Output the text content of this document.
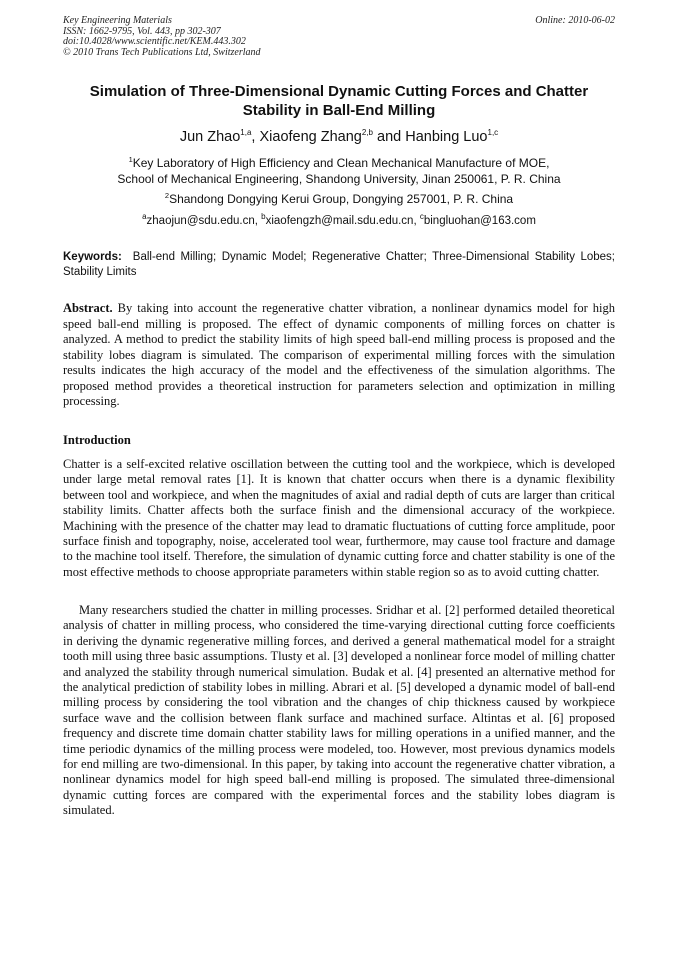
Key Engineering Materials
ISSN: 1662-9795, Vol. 443, pp 302-307
doi:10.4028/www.scientific.net/KEM.443.302
© 2010 Trans Tech Publications Ltd, Switzerland
Online: 2010-06-02
Simulation of Three-Dimensional Dynamic Cutting Forces and Chatter Stability in Ball-End Milling
Jun Zhao$^{1,a}$, Xiaofeng Zhang$^{2,b}$ and Hanbing Luo$^{1,c}$
$^1$Key Laboratory of High Efficiency and Clean Mechanical Manufacture of MOE,
School of Mechanical Engineering, Shandong University, Jinan 250061, P. R. China
$^2$Shandong Dongying Kerui Group, Dongying 257001, P. R. China
$^a$zhaojun@sdu.edu.cn, $^b$xiaofengzh@mail.sdu.edu.cn, $^c$bingluohan@163.com
Keywords: Ball-end Milling; Dynamic Model; Regenerative Chatter; Three-Dimensional Stability Lobes; Stability Limits

Abstract. By taking into account the regenerative chatter vibration, a nonlinear dynamics model for high speed ball-end milling is proposed. The effect of dynamic components of milling forces on chatter is analyzed. A method to predict the stability limits of high speed ball-end milling process is proposed and the stability lobes diagram is simulated. The comparison of experimental milling forces with the simulation results indicates the high accuracy of the model and the effectiveness of the simulation algorithms. The proposed method provides a theoretical instruction for parameters selection and optimization in milling processing.

Introduction

Chatter is a self-excited relative oscillation between the cutting tool and the workpiece, which is developed under large metal removal rates [1]. It is known that chatter occurs when there is a dynamic flexibility between tool and workpiece, and when the magnitudes of axial and radial depth of cuts are larger than critical stability limits. Chatter affects both the surface finish and the dimensional accuracy of the workpiece. Machining with the presence of the chatter may lead to dramatic fluctuations of cutting force amplitude, poor surface finish and topography, noise, accelerated tool wear, furthermore, may cause tool fracture and damage to the machine tool itself. Therefore, the simulation of dynamic cutting force and chatter stability is one of the most effective methods to choose appropriate parameters within stable region so as to avoid cutting chatter.

Many researchers studied the chatter in milling processes. Sridhar et al. [2] performed detailed theoretical analysis of chatter in milling process, who considered the time-varying directional cutting force coefficients in deriving the dynamic regenerative milling forces, and derived a general mathematical model for a straight tooth mill using three basic assumptions. Tlusty et al. [3] developed a nonlinear force model of milling chatter and analyzed the stability through numerical simulation. Budak et al. [4] presented an alternative method for the analytical prediction of stability lobes in milling. Abrari et al. [5] developed a dynamic model of ball-end milling process by considering the tool vibration and the changes of chip thickness caused by workpiece surface wave and the collision between flank surface and machined surface. Altintas et al. [6] proposed frequency and discrete time domain chatter stability laws for milling operations in a unified manner, and the time periodic dynamics of the milling process were modeled, too. However, most previous dynamics models for end milling are two-dimensional. In this paper, by taking into account the regenerative chatter vibration, a nonlinear dynamics model for high speed ball-end milling is proposed. The simulated three-dimensional dynamic cutting forces are compared with the experimental forces and the stability lobes diagram is simulated.
